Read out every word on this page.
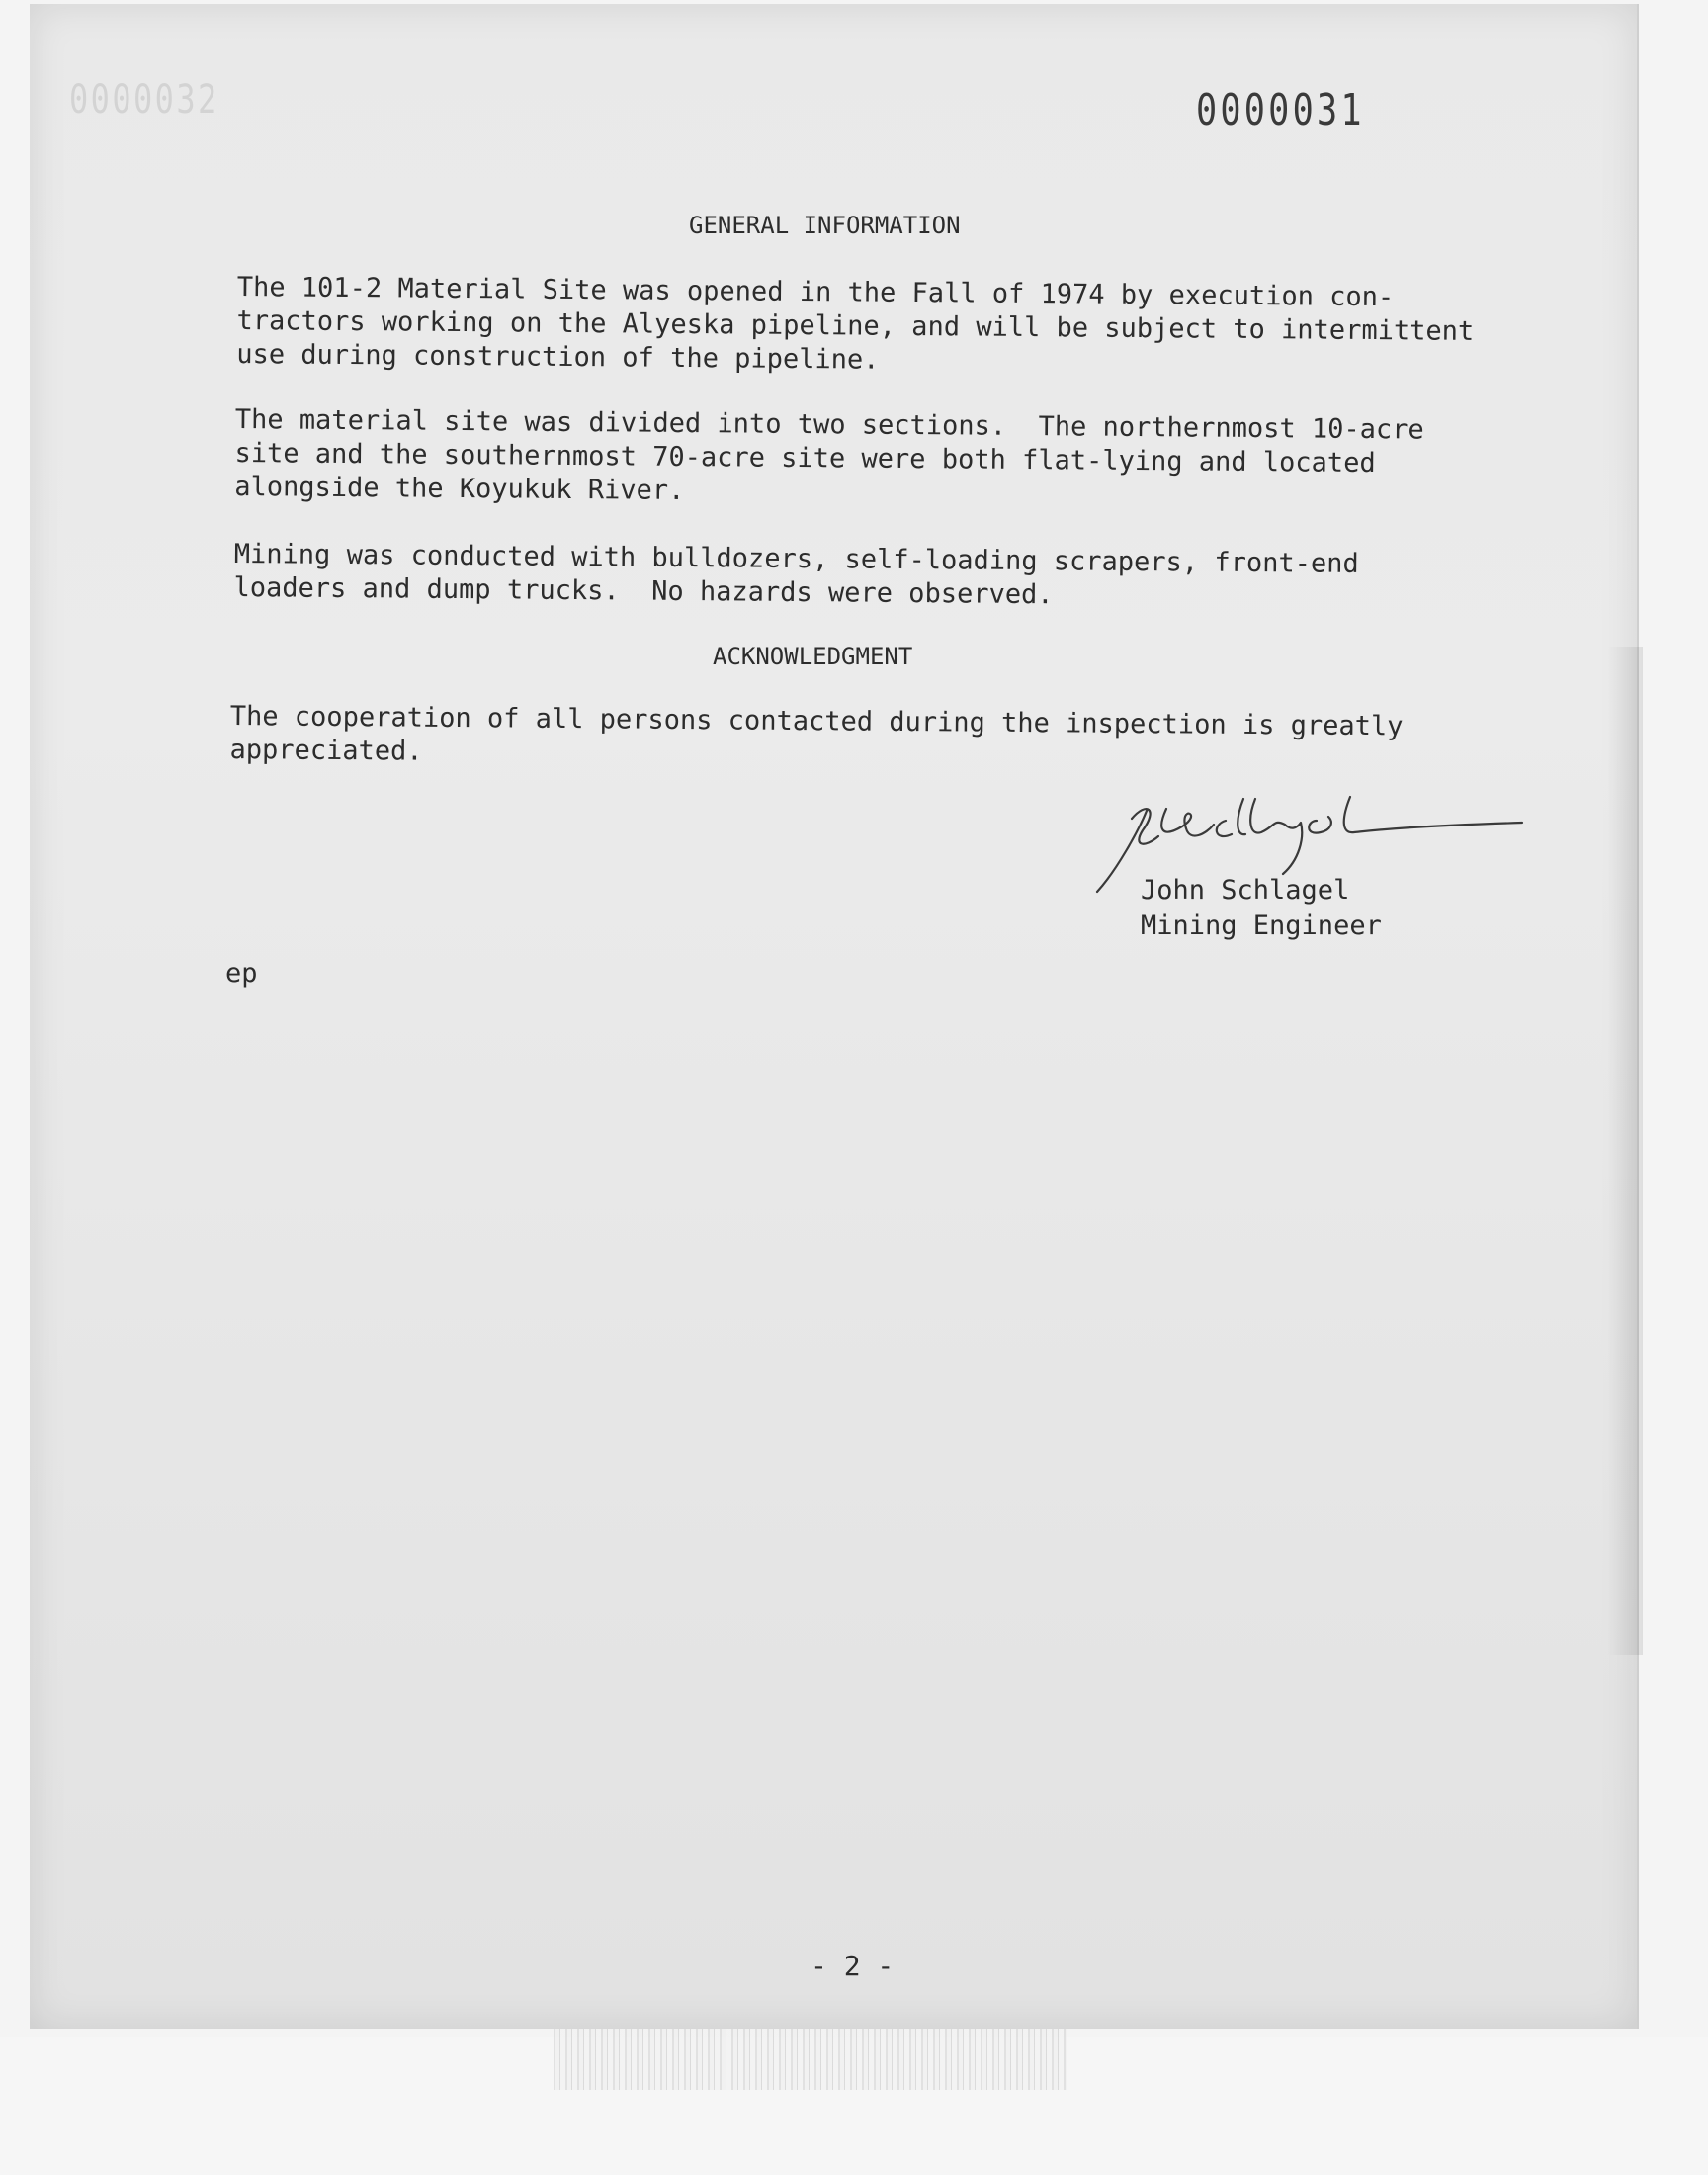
0000032	0000031
GENERAL INFORMATION
The 101-2 Material Site was opened in the Fall of 1974 by execution con-
tractors working on the Alyeska pipeline, and will be subject to intermittent
use during construction of the pipeline.
The material site was divided into two sections.  The northernmost 10-acre
site and the southernmost 70-acre site were both flat-lying and located
alongside the Koyukuk River.
Mining was conducted with bulldozers, self-loading scrapers, front-end
loaders and dump trucks.  No hazards were observed.
ACKNOWLEDGMENT
The cooperation of all persons contacted during the inspection is greatly
appreciated.
John Schlagel
Mining Engineer
ep
- 2 -
